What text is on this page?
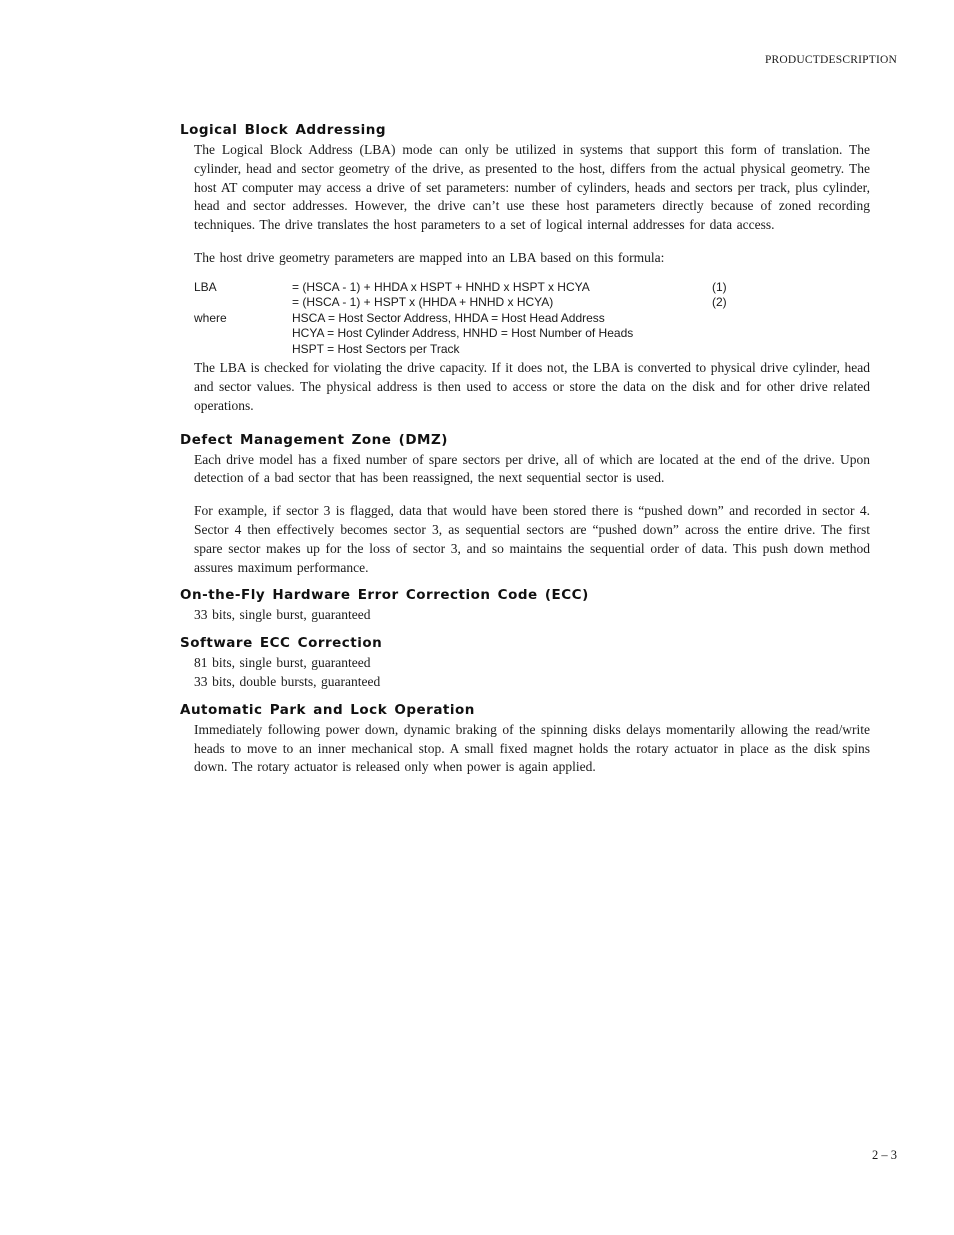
PRODUCTDESCRIPTION
Logical Block Addressing

The Logical Block Address (LBA) mode can only be utilized in systems that support this form of translation. The cylinder, head and sector geometry of the drive, as presented to the host, differs from the actual physical geometry. The host AT computer may access a drive of set parameters: number of cylinders, heads and sectors per track, plus cylinder, head and sector addresses. However, the drive can’t use these host parameters directly because of zoned recording techniques. The drive translates the host parameters to a set of logical internal addresses for data access.

The host drive geometry parameters are mapped into an LBA based on this formula:

LBA	= (HSCA - 1) + HHDA x HSPT + HNHD x HSPT x HCYA	(1)
= (HSCA - 1) + HSPT x (HHDA + HNHD x HCYA)	(2)
where	HSCA = Host Sector Address, HHDA = Host Head Address
HCYA = Host Cylinder Address, HNHD = Host Number of Heads
HSPT = Host Sectors per Track

The LBA is checked for violating the drive capacity. If it does not, the LBA is converted to physical drive cylinder, head and sector values. The physical address is then used to access or store the data on the disk and for other drive related operations.

Defect Management Zone (DMZ)

Each drive model has a fixed number of spare sectors per drive, all of which are located at the end of the drive. Upon detection of a bad sector that has been reassigned, the next sequential sector is used.

For example, if sector 3 is flagged, data that would have been stored there is “pushed down” and recorded in sector 4. Sector 4 then effectively becomes sector 3, as sequential sectors are “pushed down” across the entire drive. The first spare sector makes up for the loss of sector 3, and so maintains the sequential order of data. This push down method assures maximum performance.

On-the-Fly Hardware Error Correction Code (ECC)

33 bits, single burst, guaranteed

Software ECC Correction

81 bits, single burst, guaranteed

33 bits, double bursts, guaranteed

Automatic Park and Lock Operation

Immediately following power down, dynamic braking of the spinning disks delays momentarily allowing the read/write heads to move to an inner mechanical stop. A small fixed magnet holds the rotary actuator in place as the disk spins down. The rotary actuator is released only when power is again applied.

2 – 3
